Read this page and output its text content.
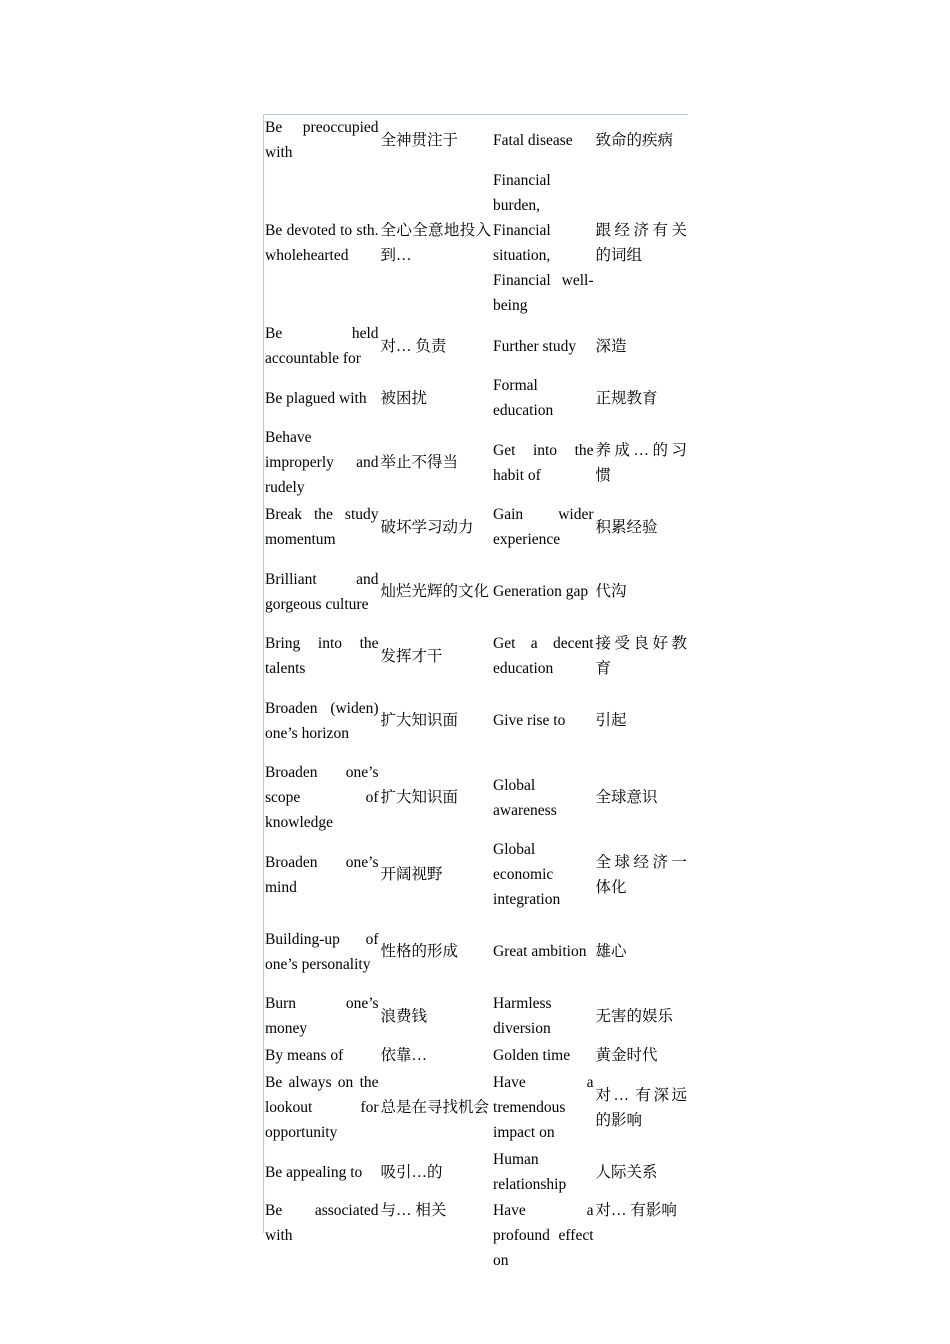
Be preoccupied with	全神贯注于	Fatal disease	致命的疾病
Be devoted to sth. wholehearted	全心全意地投入到…	Financial burden, Financial situation, Financial well-being	跟经济有关的词组
Be held accountable for	对… 负责	Further study	深造
Be plagued with	被困扰	Formal education	正规教育
Behave improperly and rudely	举止不得当	Get into the habit of	养成…的习惯
Break the study momentum	破坏学习动力	Gain wider experience	积累经验
Brilliant and gorgeous culture	灿烂光辉的文化	Generation gap	代沟
Bring into the talents	发挥才干	Get a decent education	接受良好教育
Broaden (widen) one’s horizon	扩大知识面	Give rise to	引起
Broaden one’s scope of knowledge	扩大知识面	Global awareness	全球意识
Broaden one’s mind	开阔视野	Global economic integration	全球经济一体化
Building-up of one’s personality	性格的形成	Great ambition	雄心
Burn one’s money	浪费钱	Harmless diversion	无害的娱乐
By means of	依靠…	Golden time	黄金时代
Be always on the lookout for opportunity	总是在寻找机会	Have a tremendous impact on	对… 有深远的影响
Be appealing to	吸引…的	Human relationship	人际关系
Be associated with	与… 相关	Have a profound effect on	对… 有影响
